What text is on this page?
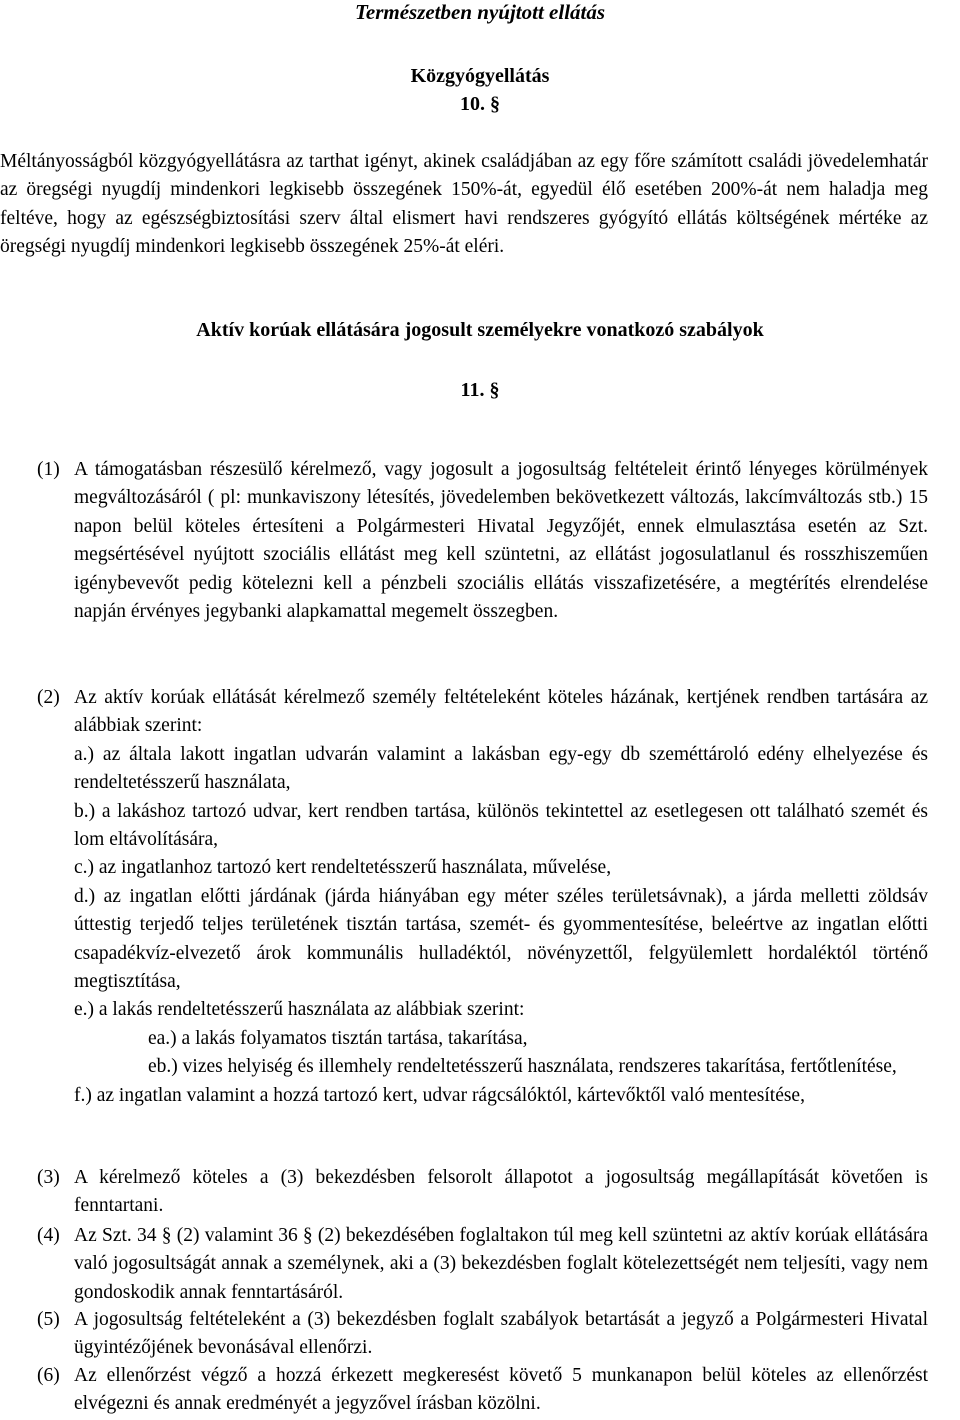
Természetben nyújtott ellátás
Közgyógyellátás
10. §
Méltányosságból közgyógyellátásra az tarthat igényt, akinek családjában az egy főre számított családi jövedelemhatár az öregségi nyugdíj mindenkori legkisebb összegének 150%-át, egyedül élő esetében 200%-át nem haladja meg feltéve, hogy az egészségbiztosítási szerv által elismert havi rendszeres gyógyító ellátás költségének mértéke az öregségi nyugdíj mindenkori legkisebb összegének 25%-át eléri.
Aktív korúak ellátására jogosult személyekre vonatkozó szabályok
11. §
(1) A támogatásban részesülő kérelmező, vagy jogosult a jogosultság feltételeit érintő lényeges körülmények megváltozásáról ( pl: munkaviszony létesítés, jövedelemben bekövetkezett változás, lakcímváltozás stb.) 15 napon belül köteles értesíteni a Polgármesteri Hivatal Jegyzőjét, ennek elmulasztása esetén az Szt. megsértésével nyújtott szociális ellátást meg kell szüntetni, az ellátást jogosulatlanul és rosszhiszeműen igénybevevőt pedig kötelezni kell a pénzbeli szociális ellátás visszafizetésére, a megtérítés elrendelése napján érvényes jegybanki alapkamattal megemelt összegben.
(2) Az aktív korúak ellátását kérelmező személy feltételeként köteles házának, kertjének rendben tartására az alábbiak szerint:
a.) az általa lakott ingatlan udvarán valamint a lakásban egy-egy db szeméttároló edény elhelyezése és rendeltetésszerű használata,
b.) a lakáshoz tartozó udvar, kert rendben tartása, különös tekintettel az esetlegesen ott található szemét és lom eltávolítására,
c.) az ingatlanhoz tartozó kert rendeltetésszerű használata, művelése,
d.) az ingatlan előtti járdának (járda hiányában egy méter széles területsávnak), a járda melletti zöldsáv úttestig terjedő teljes területének tisztán tartása, szemét- és gyommentesítése, beleértve az ingatlan előtti csapadékvíz-elvezető árok kommunális hulladéktól, növényzettől, felgyülemlett hordaléktól történő megtisztítása,
e.) a lakás rendeltetésszerű használata az alábbiak szerint:
ea.) a lakás folyamatos tisztán tartása, takarítása,
eb.) vizes helyiség és illemhely rendeltetésszerű használata, rendszeres takarítása, fertőtlenítése,
f.) az ingatlan valamint a hozzá tartozó kert, udvar rágcsálóktól, kártevőktől való mentesítése,
(3) A kérelmező köteles a (3) bekezdésben felsorolt állapotot a jogosultság megállapítását követően is fenntartani.
(4) Az Szt. 34 § (2) valamint 36 § (2) bekezdésében foglaltakon túl meg kell szüntetni az aktív korúak ellátására való jogosultságát annak a személynek, aki a (3) bekezdésben foglalt kötelezettségét nem teljesíti, vagy nem gondoskodik annak fenntartásáról.
(5) A jogosultság feltételeként a (3) bekezdésben foglalt szabályok betartását a jegyző a Polgármesteri Hivatal ügyintézőjének bevonásával ellenőrzi.
(6) Az ellenőrzést végző a hozzá érkezett megkeresést követő 5 munkanapon belül köteles az ellenőrzést elvégezni és annak eredményét a jegyzővel írásban közölni.
